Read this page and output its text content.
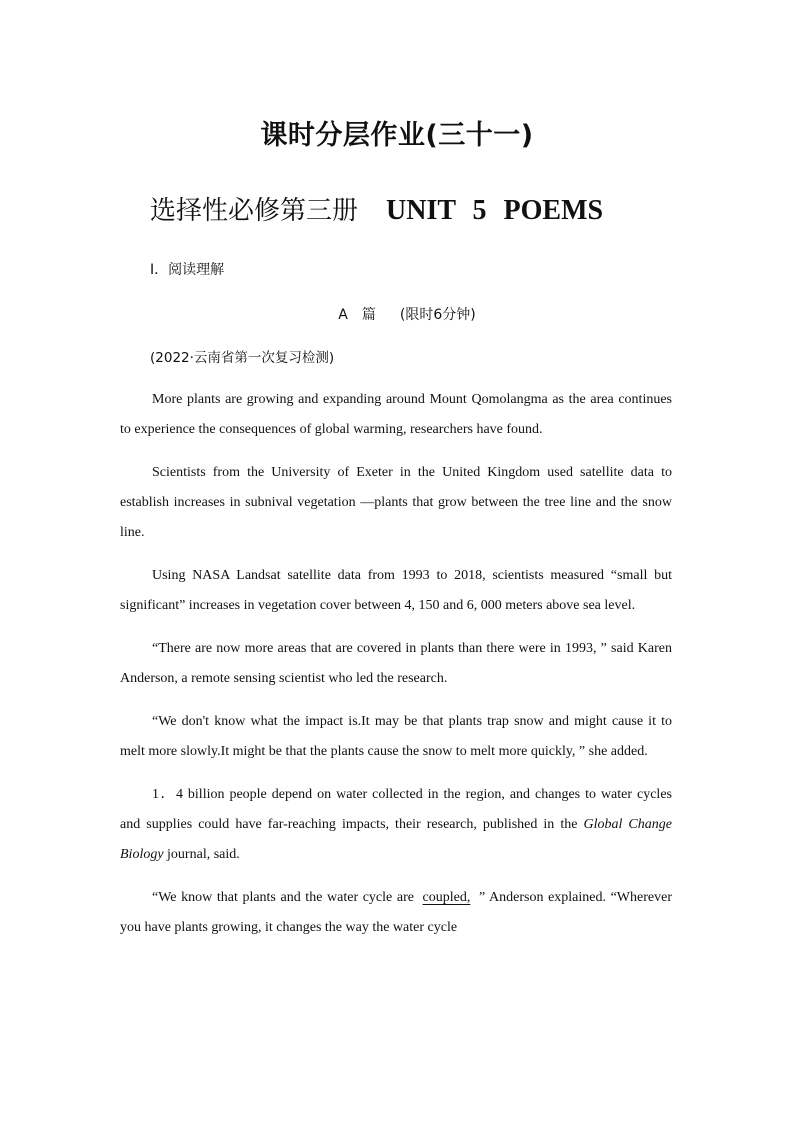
课时分层作业(三十一)
选择性必修第三册 UNIT 5 POEMS
Ⅰ．阅读理解
A　篇 (限时6分钟)
(2022·云南省第一次复习检测)

More plants are growing and expanding around Mount Qomolangma as the area continues to experience the consequences of global warming, researchers have found.

Scientists from the University of Exeter in the United Kingdom used satellite data to establish increases in subnival vegetation —plants that grow between the tree line and the snow line.

Using NASA Landsat satellite data from 1993 to 2018, scientists measured “small but significant” increases in vegetation cover between 4, 150 and 6, 000 meters above sea level.

“There are now more areas that are covered in plants than there were in 1993, ” said Karen Anderson, a remote sensing scientist who led the research.

“We don't know what the impact is.It may be that plants trap snow and might cause it to melt more slowly.It might be that the plants cause the snow to melt more quickly, ” she added.

1．4 billion people depend on water collected in the region, and changes to water cycles and supplies could have far-reaching impacts, their research, published in the Global Change Biology journal, said.

“We know that plants and the water cycle are coupled, ” Anderson explained. “Wherever you have plants growing, it changes the way the water cycle
